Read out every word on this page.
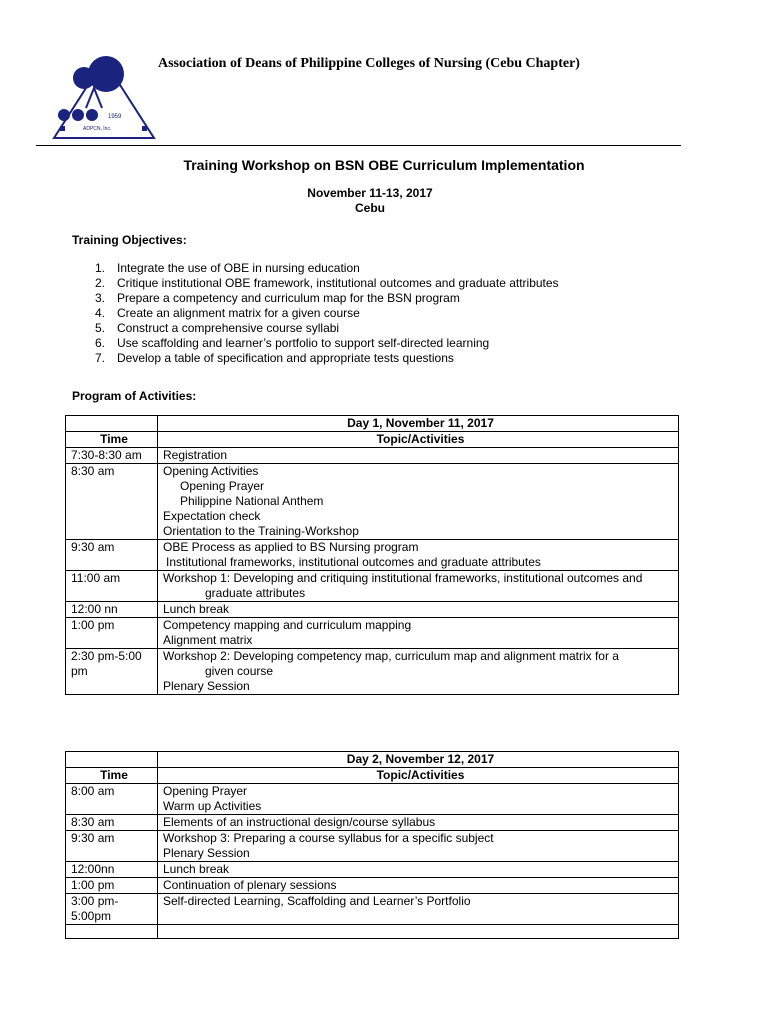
1959
ADPCN, Inc.
Association of Deans of Philippine Colleges of Nursing (Cebu Chapter)
Training Workshop on BSN OBE Curriculum Implementation
November 11-13, 2017
Cebu
Training Objectives:
1. Integrate the use of OBE in nursing education
2. Critique institutional OBE framework, institutional outcomes and graduate attributes
3. Prepare a competency and curriculum map for the BSN program
4. Create an alignment matrix for a given course
5. Construct a comprehensive course syllabi
6. Use scaffolding and learner’s portfolio to support self-directed learning
7. Develop a table of specification and appropriate tests questions
Program of Activities:
	Day 1, November 11, 2017
Time	Topic/Activities
7:30-8:30 am	Registration

8:30 am	Opening Activities
Opening Prayer
Philippine National Anthem
Expectation check
Orientation to the Training-Workshop

9:30 am	OBE Process as applied to BS Nursing program
Institutional frameworks, institutional outcomes and graduate attributes

11:00 am	Workshop 1: Developing and critiquing institutional frameworks, institutional outcomes and
graduate attributes

12:00 nn	Lunch break

1:00 pm	Competency mapping and curriculum mapping
Alignment matrix

2:30 pm-5:00 pm	Workshop 2: Developing competency map, curriculum map and alignment matrix for a
given course
Plenary Session
	Day 2, November 12, 2017
Time	Topic/Activities
8:00 am	Opening Prayer
Warm up Activities

8:30 am	Elements of an instructional design/course syllabus

9:30 am	Workshop 3: Preparing a course syllabus for a specific subject
Plenary Session

12:00nn	Lunch break

1:00 pm	Continuation of plenary sessions

3:00 pm-5:00pm	Self-directed Learning, Scaffolding and Learner’s Portfolio
